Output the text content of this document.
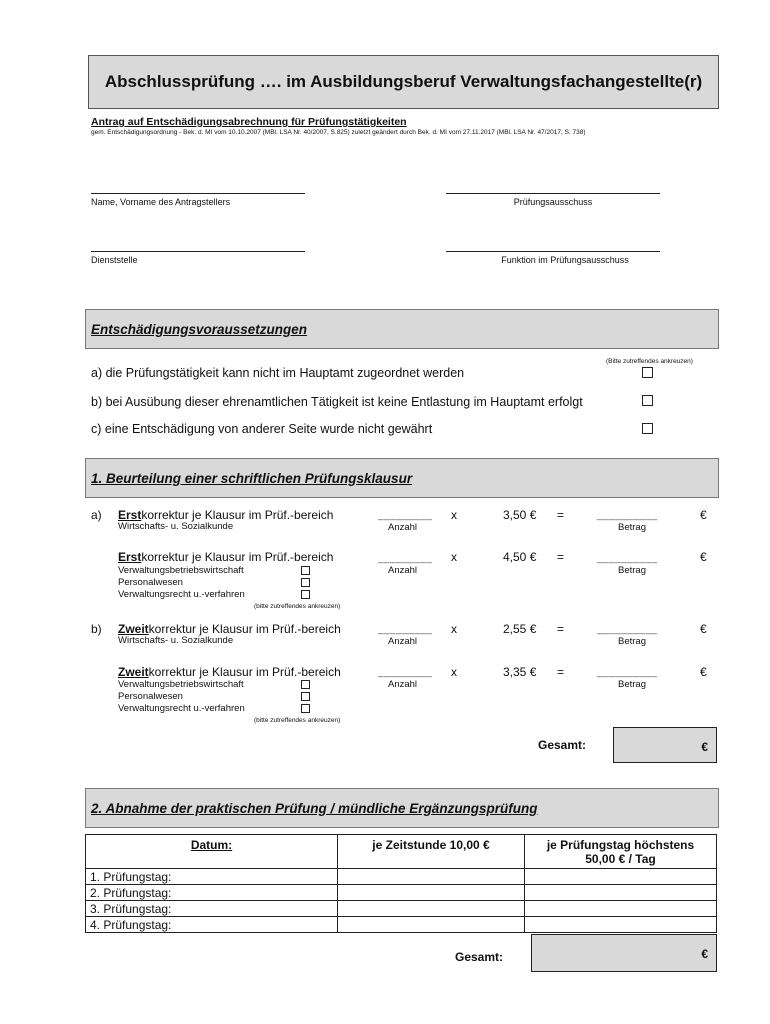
Abschlussprüfung …. im Ausbildungsberuf Verwaltungsfachangestellte(r)
Antrag auf Entschädigungsabrechnung für Prüfungstätigkeiten
gem. Entschädigungsordnung - Bek. d. MI vom 10.10.2007 (MBl. LSA Nr. 40/2007, S.825) zuletzt geändert durch Bek. d. MI vom 27.11.2017 (MBl. LSA Nr. 47/2017, S. 738)
Name, Vorname des Antragstellers	Prüfungsausschuss
Dienststelle	Funktion im Prüfungsausschuss
Entschädigungsvoraussetzungen
(Bitte zutreffendes ankreuzen)
a) die Prüfungstätigkeit kann nicht im Hauptamt zugeordnet werden
b) bei Ausübung dieser ehrenamtlichen Tätigkeit ist keine Entlastung im Hauptamt erfolgt
c) eine Entschädigung von anderer Seite wurde nicht gewährt
1. Beurteilung einer schriftlichen Prüfungsklausur
a) Erstkorrektur je Klausur im Prüf.-bereich
Wirtschafts- u. Sozialkunde
_________
Anzahl
x	3,50 € =	__________
Betrag
€
Erstkorrektur je Klausur im Prüf.-bereich
Verwaltungsbetriebswirtschaft
Personalwesen
Verwaltungsrecht u.-verfahren
(bitte zutreffendes ankreuzen)
_________
Anzahl
x	4,50 € =	__________
Betrag
€
b) Zweitkorrektur je Klausur im Prüf.-bereich
Wirtschafts- u. Sozialkunde
_________
Anzahl
x	2,55 € =	__________
Betrag
€
Zweitkorrektur je Klausur im Prüf.-bereich
Verwaltungsbetriebswirtschaft
Personalwesen
Verwaltungsrecht u.-verfahren
(bitte zutreffendes ankreuzen)
_________
Anzahl
x	3,35 € =	__________
Betrag
€
Gesamt:	€
2. Abnahme der praktischen Prüfung / mündliche Ergänzungsprüfung
Datum:	je Zeitstunde 10,00 €	je Prüfungstag höchstens
50,00 € / Tag
1. Prüfungstag:		
2. Prüfungstag:		
3. Prüfungstag:		
4. Prüfungstag:		
Gesamt:	€
